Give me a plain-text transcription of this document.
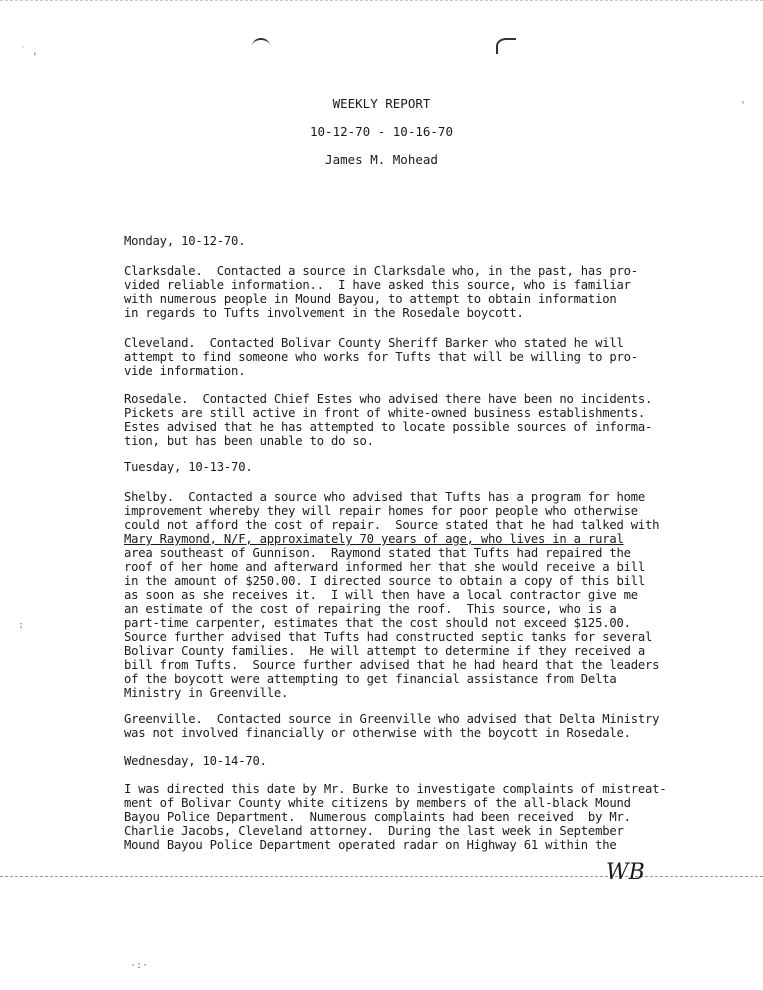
˙ ‚
'
:
·:·
WEEKLY REPORT
10-12-70 - 10-16-70
James M. Mohead
Monday, 10-12-70.
Clarksdale.  Contacted a source in Clarksdale who, in the past, has pro-
vided reliable information..  I have asked this source, who is familiar
with numerous people in Mound Bayou, to attempt to obtain information
in regards to Tufts involvement in the Rosedale boycott.
Cleveland.  Contacted Bolivar County Sheriff Barker who stated he will
attempt to find someone who works for Tufts that will be willing to pro-
vide information.
Rosedale.  Contacted Chief Estes who advised there have been no incidents.
Pickets are still active in front of white-owned business establishments.
Estes advised that he has attempted to locate possible sources of informa-
tion, but has been unable to do so.
Tuesday, 10-13-70.
Shelby.  Contacted a source who advised that Tufts has a program for home
improvement whereby they will repair homes for poor people who otherwise
could not afford the cost of repair.  Source stated that he had talked with
Mary Raymond, N/F, approximately 70 years of age, who lives in a rural
area southeast of Gunnison.  Raymond stated that Tufts had repaired the
roof of her home and afterward informed her that she would receive a bill
in the amount of $250.00. I directed source to obtain a copy of this bill
as soon as she receives it.  I will then have a local contractor give me
an estimate of the cost of repairing the roof.  This source, who is a
part-time carpenter, estimates that the cost should not exceed $125.00.
Source further advised that Tufts had constructed septic tanks for several
Bolivar County families.  He will attempt to determine if they received a
bill from Tufts.  Source further advised that he had heard that the leaders
of the boycott were attempting to get financial assistance from Delta
Ministry in Greenville.
Greenville.  Contacted source in Greenville who advised that Delta Ministry
was not involved financially or otherwise with the boycott in Rosedale.
Wednesday, 10-14-70.
I was directed this date by Mr. Burke to investigate complaints of mistreat-
ment of Bolivar County white citizens by members of the all-black Mound
Bayou Police Department.  Numerous complaints had been received  by Mr.
Charlie Jacobs, Cleveland attorney.  During the last week in September
Mound Bayou Police Department operated radar on Highway 61 within the
WB
